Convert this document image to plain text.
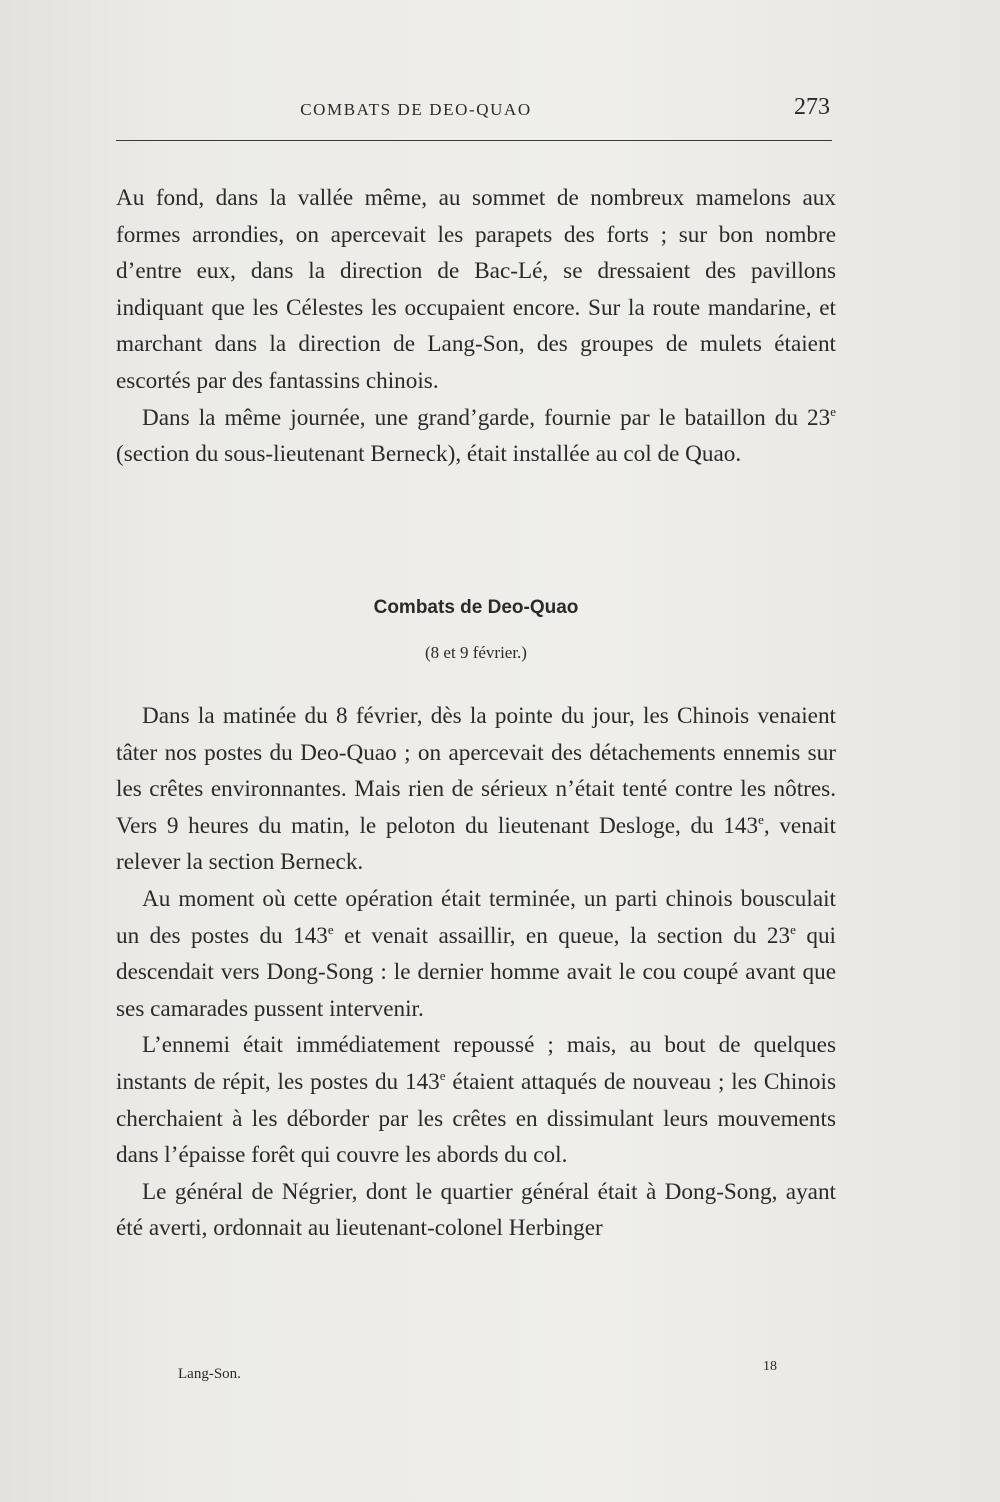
COMBATS DE DEO-QUAO	273

Au fond, dans la vallée même, au sommet de nombreux mamelons aux formes arrondies, on apercevait les parapets des forts ; sur bon nombre d’entre eux, dans la direction de Bac-Lé, se dressaient des pavillons indiquant que les Célestes les occupaient encore. Sur la route mandarine, et marchant dans la direction de Lang-Son, des groupes de mulets étaient escortés par des fantassins chinois.

Dans la même journée, une grand’garde, fournie par le bataillon du 23e (section du sous-lieutenant Berneck), était installée au col de Quao.

Combats de Deo-Quao
(8 et 9 février.)

Dans la matinée du 8 février, dès la pointe du jour, les Chinois venaient tâter nos postes du Deo-Quao ; on apercevait des détachements ennemis sur les crêtes environnantes. Mais rien de sérieux n’était tenté contre les nôtres. Vers 9 heures du matin, le peloton du lieutenant Desloge, du 143e, venait relever la section Berneck.

Au moment où cette opération était terminée, un parti chinois bousculait un des postes du 143e et venait assaillir, en queue, la section du 23e qui descendait vers Dong-Song : le dernier homme avait le cou coupé avant que ses camarades pussent intervenir.

L’ennemi était immédiatement repoussé ; mais, au bout de quelques instants de répit, les postes du 143e étaient attaqués de nouveau ; les Chinois cherchaient à les déborder par les crêtes en dissimulant leurs mouvements dans l’épaisse forêt qui couvre les abords du col.

Le général de Négrier, dont le quartier général était à Dong-Song, ayant été averti, ordonnait au lieutenant-colonel Herbinger

Lang-Son.	18
